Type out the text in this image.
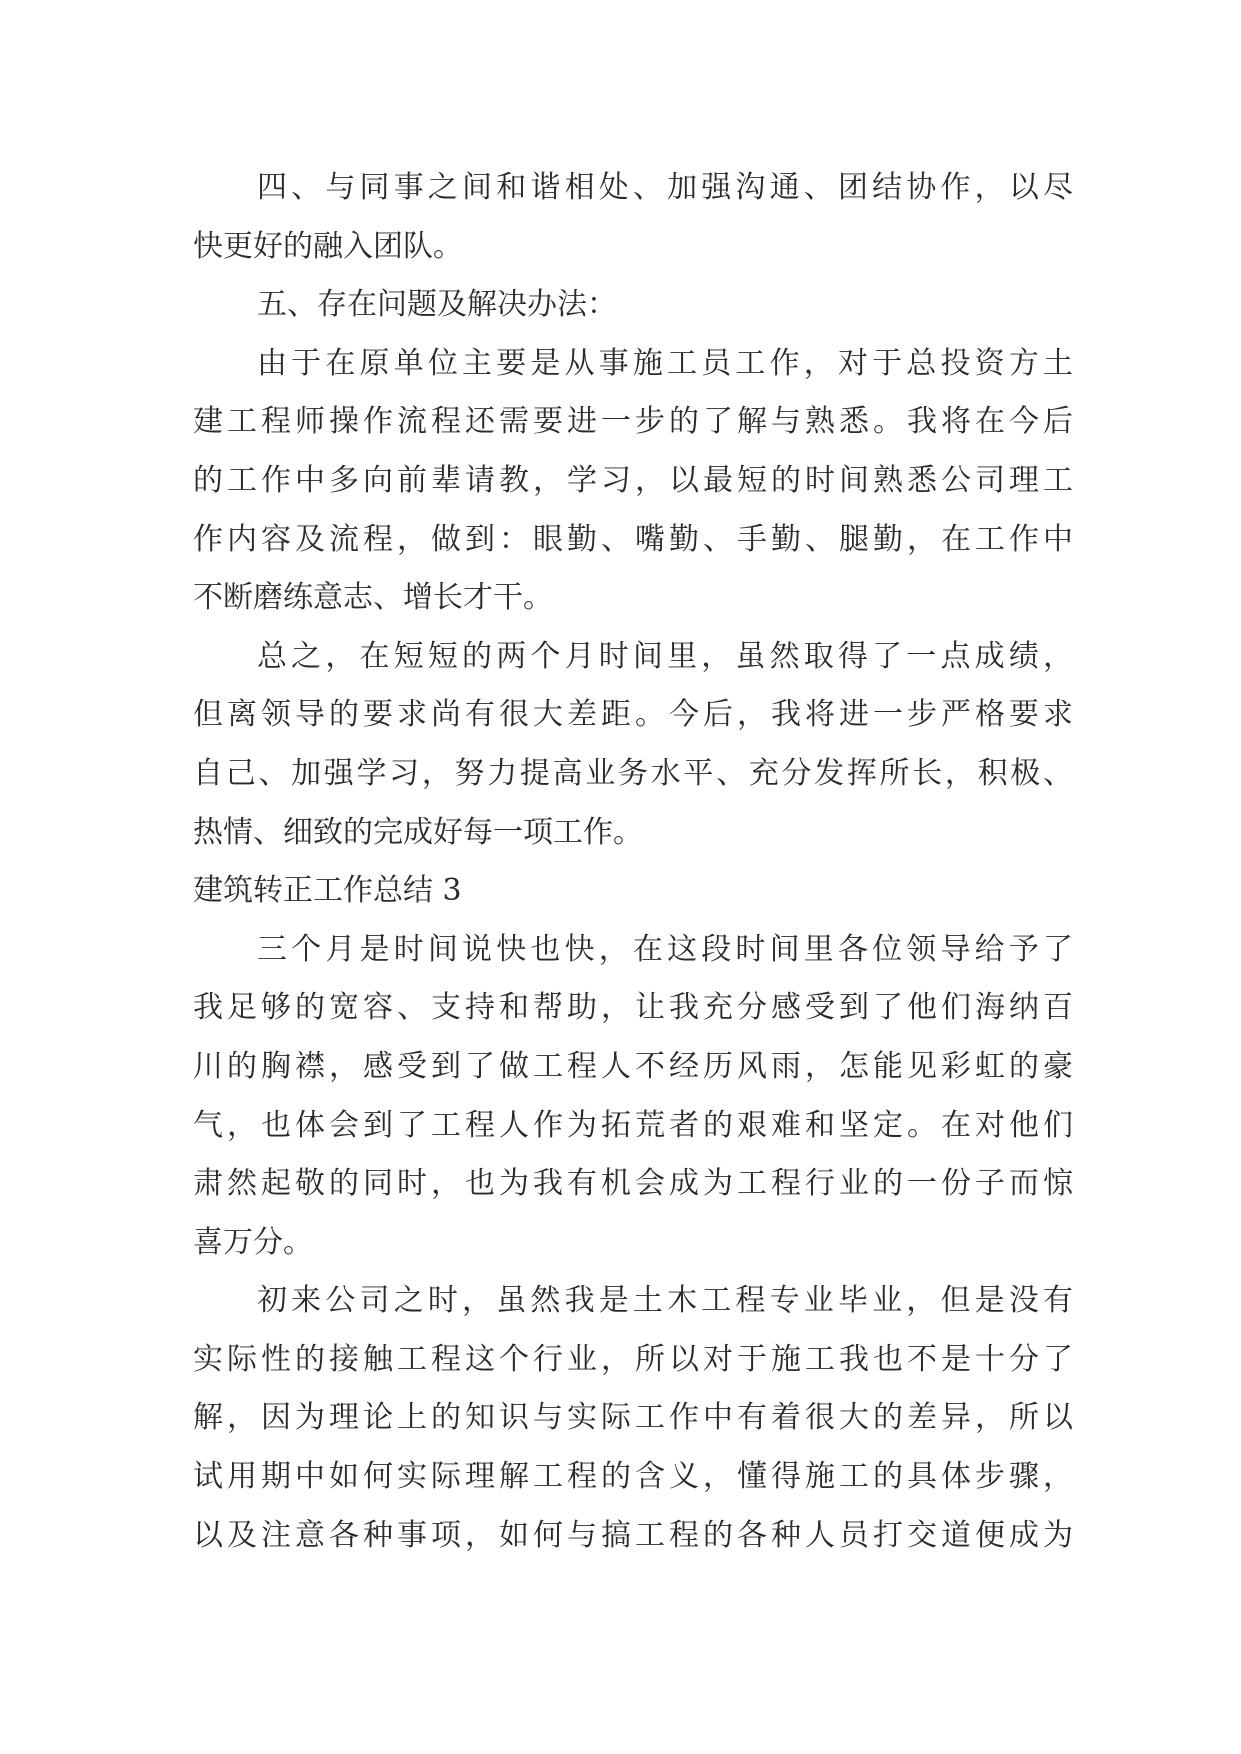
四、与同事之间和谐相处、加强沟通、团结协作，以尽
快更好的融入团队。
五、存在问题及解决办法：
由于在原单位主要是从事施工员工作，对于总投资方土
建工程师操作流程还需要进一步的了解与熟悉。我将在今后
的工作中多向前辈请教，学习，以最短的时间熟悉公司理工
作内容及流程，做到：眼勤、嘴勤、手勤、腿勤，在工作中
不断磨练意志、增长才干。
总之，在短短的两个月时间里，虽然取得了一点成绩，
但离领导的要求尚有很大差距。今后，我将进一步严格要求
自己、加强学习，努力提高业务水平、充分发挥所长，积极、
热情、细致的完成好每一项工作。
建筑转正工作总结 3
三个月是时间说快也快，在这段时间里各位领导给予了
我足够的宽容、支持和帮助，让我充分感受到了他们海纳百
川的胸襟，感受到了做工程人不经历风雨，怎能见彩虹的豪
气，也体会到了工程人作为拓荒者的艰难和坚定。在对他们
肃然起敬的同时，也为我有机会成为工程行业的一份子而惊
喜万分。
初来公司之时，虽然我是土木工程专业毕业，但是没有
实际性的接触工程这个行业，所以对于施工我也不是十分了
解，因为理论上的知识与实际工作中有着很大的差异，所以
试用期中如何实际理解工程的含义，懂得施工的具体步骤，
以及注意各种事项，如何与搞工程的各种人员打交道便成为
